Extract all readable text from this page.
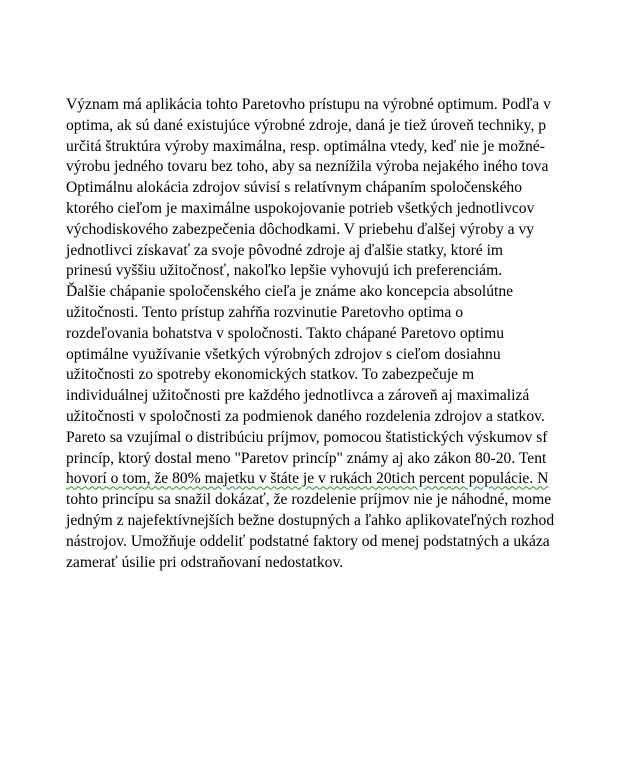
Význam má aplikácia tohto Paretovho prístupu na výrobné optimum. Podľa v
optima, ak sú dané existujúce výrobné zdroje, daná je tiež úroveň techniky, p
určitá štruktúra výroby maximálna, resp. optimálna vtedy, keď nie je možné-
výrobu jedného tovaru bez toho, aby sa neznížila výroba nejakého iného tova
Optimálnu alokácia zdrojov súvisí s relatívnym chápaním spoločenského
ktorého cieľom je maximálne uspokojovanie potrieb všetkých jednotlivcov
východiskového zabezpečenia dôchodkami. V priebehu ďalšej výroby a vy
jednotlivci získavať za svoje pôvodné zdroje aj ďalšie statky, ktoré im
prinesú vyššiu užitočnosť, nakoľko lepšie vyhovujú ich preferenciám.
Ďalšie chápanie spoločenského cieľa je známe ako koncepcia absolútne
užitočnosti. Tento prístup zahŕňa rozvinutie Paretovho optima o
rozdeľovania bohatstva v spoločnosti. Takto chápané Paretovo optimu
optimálne využívanie všetkých výrobných zdrojov s cieľom dosiahnu
užitočnosti zo spotreby ekonomických statkov. To zabezpečuje m
individuálnej užitočnosti pre každého jednotlivca a zároveň aj maximalizá
užitočnosti v spoločnosti za podmienok daného rozdelenia zdrojov a statkov.
Pareto sa vzujímal o distribúciu príjmov, pomocou štatistických výskumov sf
princíp, ktorý dostal meno "Paretov princíp" známy aj ako zákon 80-20. Tent
hovorí o tom, že 80% majetku v štáte je v rukách 20tich percent populácie. N
tohto princípu sa snažil dokázať, že rozdelenie príjmov nie je náhodné, mome
jedným z najefektívnejších bežne dostupných a ľahko aplikovateľných rozhod
nástrojov. Umožňuje oddeliť podstatné faktory od menej podstatných a ukáza
zamerať úsilie pri odstraňovaní nedostatkov.
